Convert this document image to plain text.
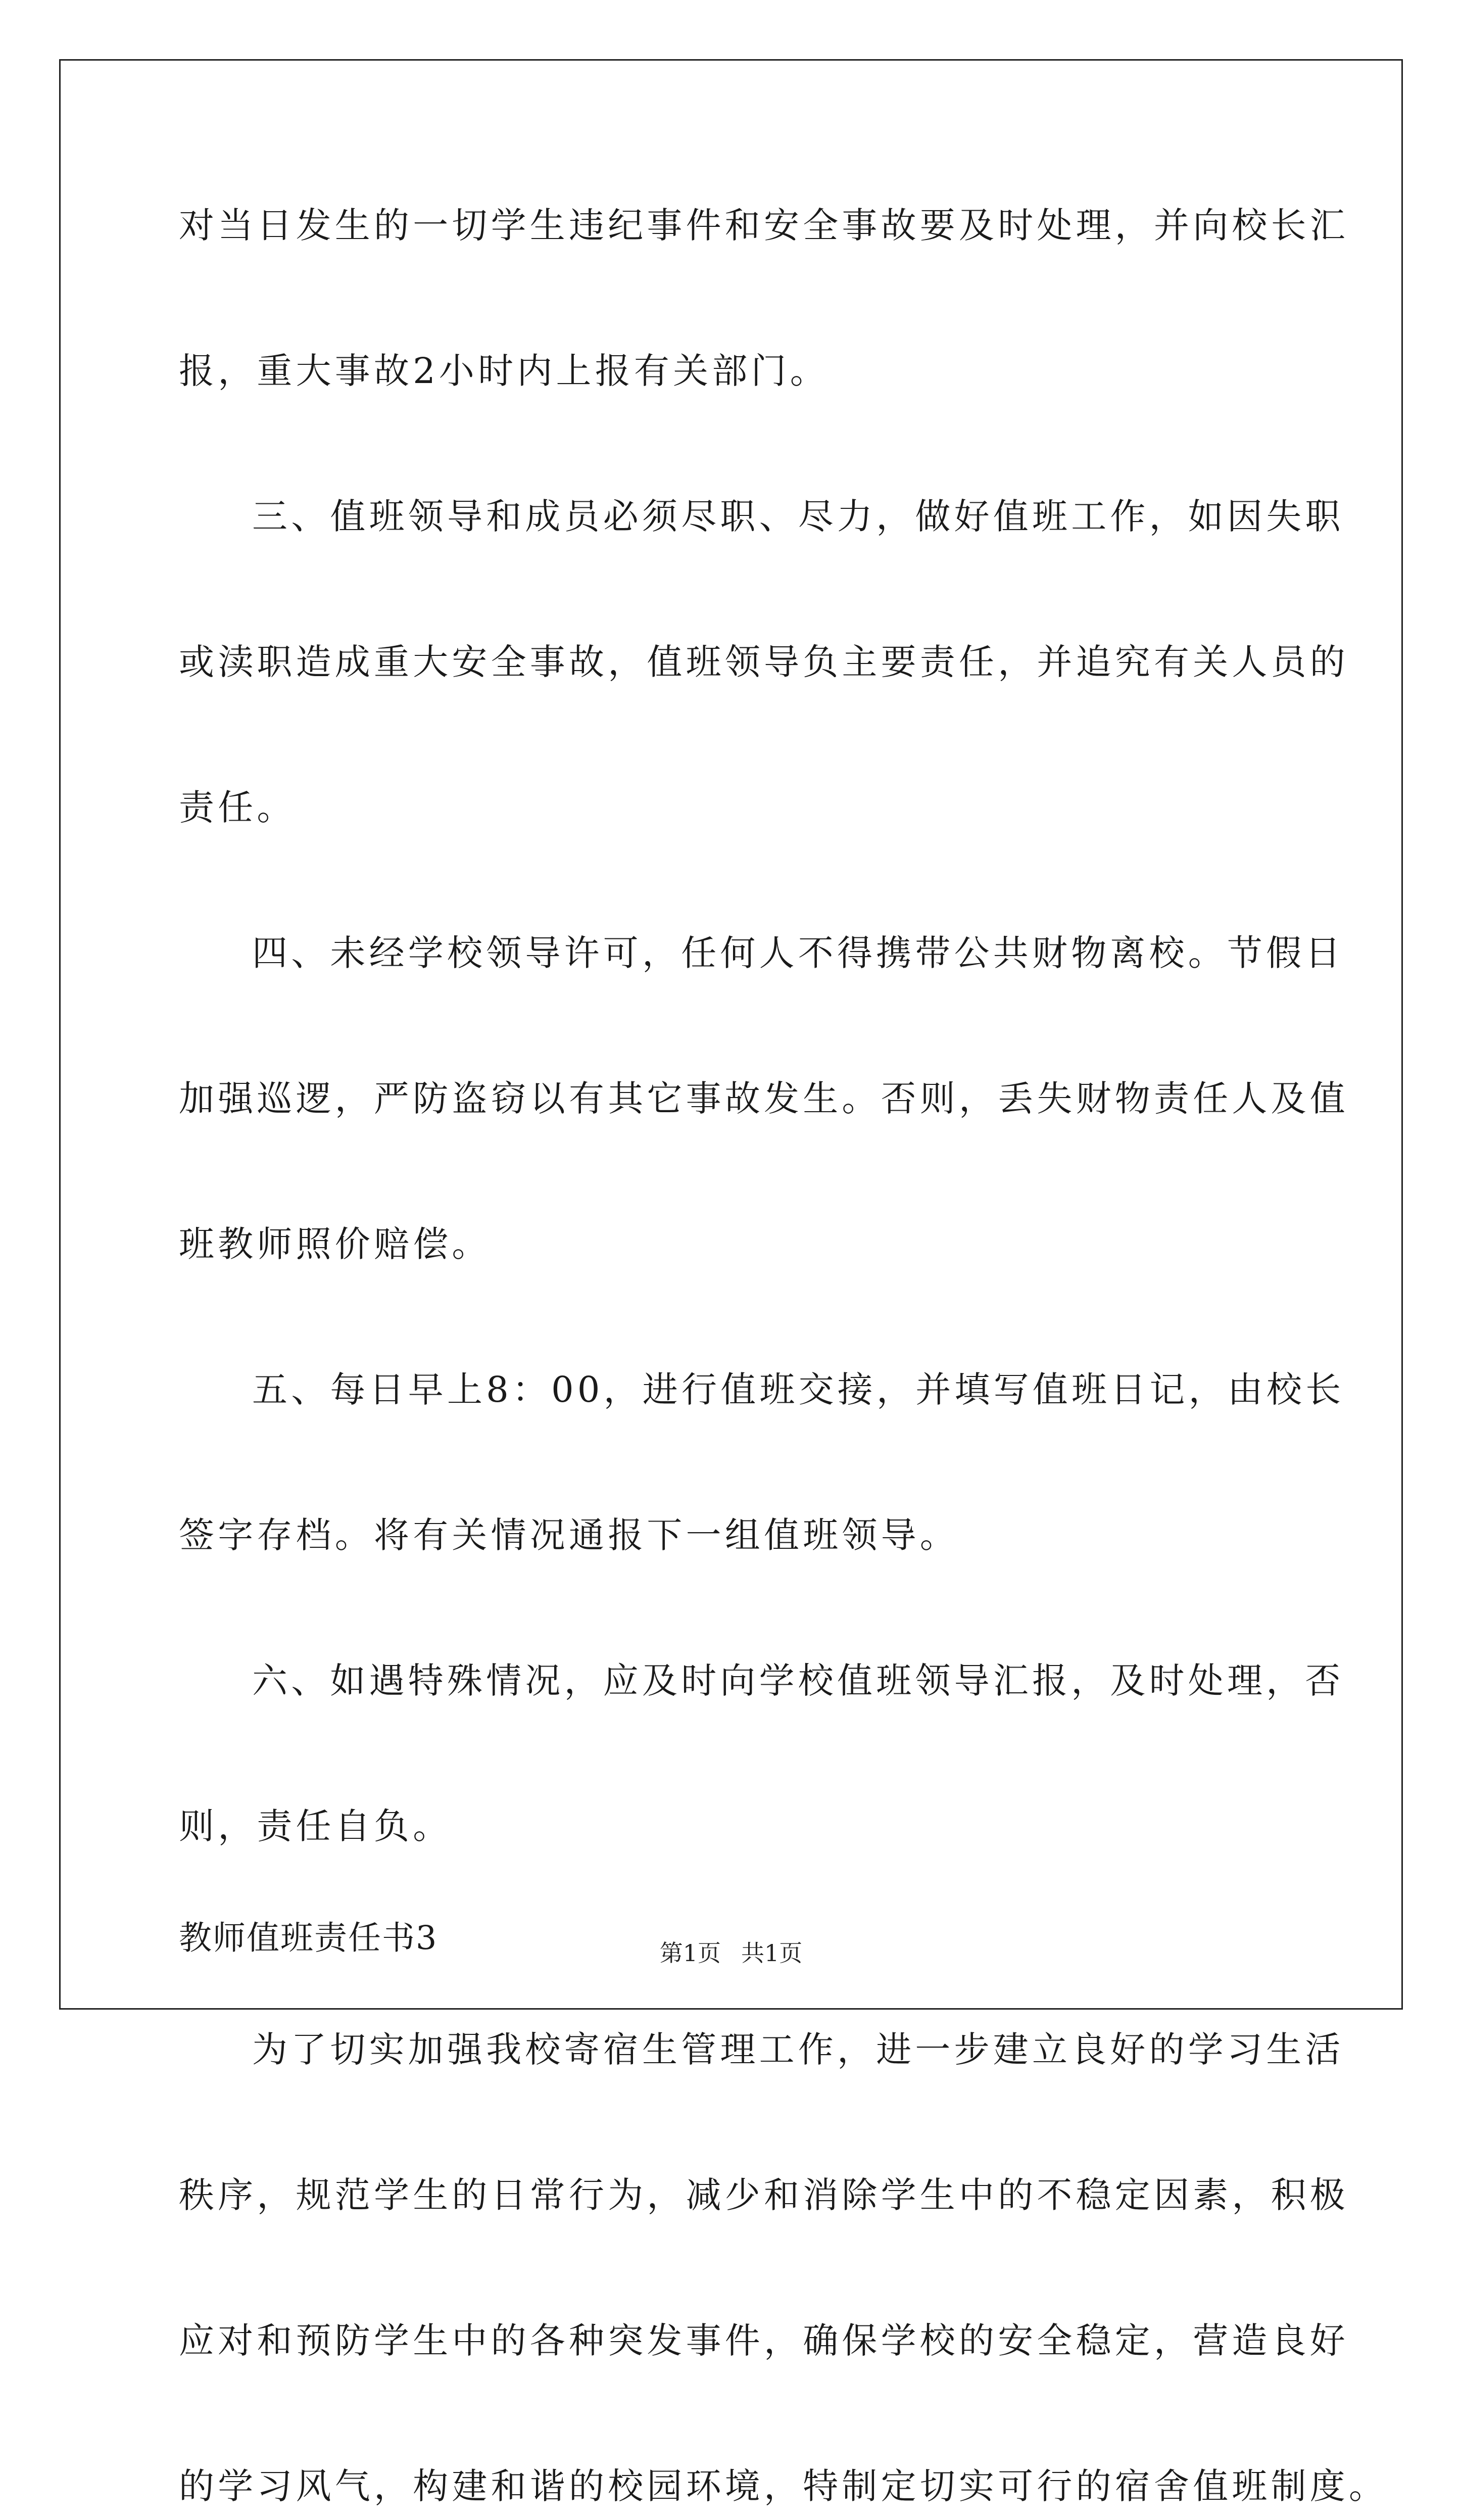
对当日发生的一切学生违纪事件和安全事故要及时处理，并向校长汇
报，重大事故2小时内上报有关部门。
三、值班领导和成员必须尽职、尽力，做好值班工作，如因失职
或渎职造成重大安全事故，值班领导负主要责任，并追究有关人员的
责任。
四、未经学校领导许可，任何人不得携带公共财物离校。节假日
加强巡逻，严防盗窃以有其它事故发生。否则，丢失财物责任人及值
班教师照价赔偿。
五、每日早上8：00，进行值班交接，并填写值班日记，由校长
签字存档。将有关情况通报下一组值班领导。
六、如遇特殊情况，应及时向学校值班领导汇报，及时处理，否
则，责任自负。
教师值班责任书3
为了切实加强我校寄宿生管理工作，进一步建立良好的学习生活
秩序，规范学生的日常行为，减少和消除学生中的不稳定因素，积极
应对和预防学生中的各种突发事件，确保学校的安全稳定，营造良好
的学习风气，构建和谐的校园环境，特制定切实可行的宿舍值班制度。
第1页 共1页
